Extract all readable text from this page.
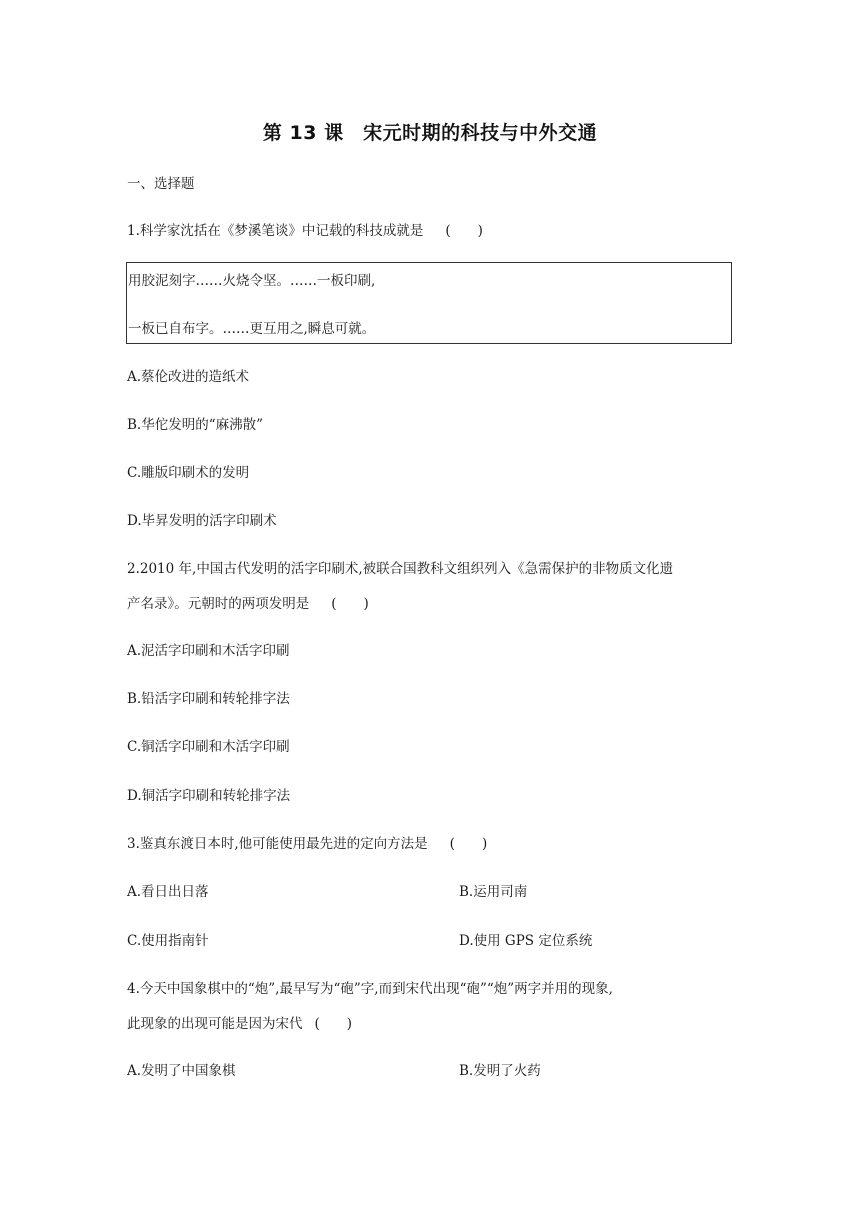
第 13 课　宋元时期的科技与中外交通
一、选择题
1.科学家沈括在《梦溪笔谈》中记载的科技成就是 (　　)
用胶泥刻字……火烧令坚。……一板印刷,
一板已自布字。……更互用之,瞬息可就。
A.蔡伦改进的造纸术
B.华佗发明的“麻沸散”
C.雕版印刷术的发明
D.毕昇发明的活字印刷术
2.2010 年,中国古代发明的活字印刷术,被联合国教科文组织列入《急需保护的非物质文化遗
产名录》。元朝时的两项发明是 (　　)
A.泥活字印刷和木活字印刷
B.铅活字印刷和转轮排字法
C.铜活字印刷和木活字印刷
D.铜活字印刷和转轮排字法
3.鉴真东渡日本时,他可能使用最先进的定向方法是 (　　)
A.看日出日落	B.运用司南
C.使用指南针	D.使用 GPS 定位系统
4.今天中国象棋中的“炮”,最早写为“砲”字,而到宋代出现“砲”“炮”两字并用的现象,
此现象的出现可能是因为宋代 (　　)
A.发明了中国象棋	B.发明了火药
